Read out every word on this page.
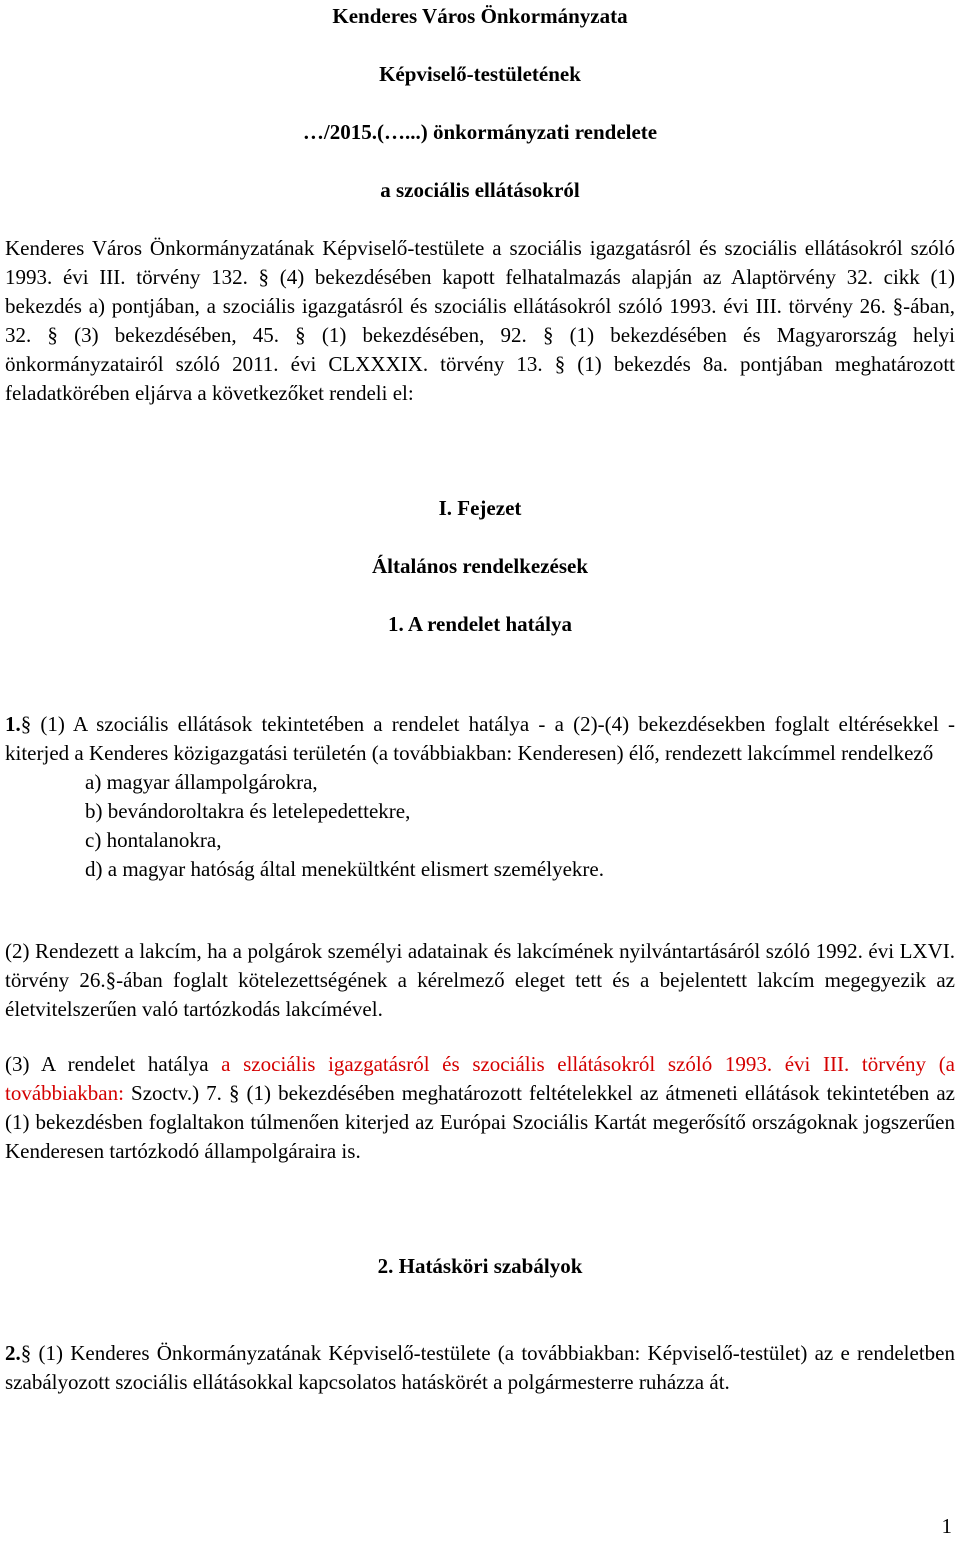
Kenderes Város Önkormányzata
Képviselő-testületének
…/2015.(…...) önkormányzati rendelete
a szociális ellátásokról

Kenderes Város Önkormányzatának Képviselő-testülete a szociális igazgatásról és szociális ellátásokról szóló 1993. évi III. törvény 132. § (4) bekezdésében kapott felhatalmazás alapján az Alaptörvény 32. cikk (1) bekezdés a) pontjában, a szociális igazgatásról és szociális ellátásokról szóló 1993. évi III. törvény 26. §-ában, 32. § (3) bekezdésében, 45. § (1) bekezdésében, 92. § (1) bekezdésében és Magyarország helyi önkormányzatairól szóló 2011. évi CLXXXIX. törvény 13. § (1) bekezdés 8a. pontjában meghatározott feladatkörében eljárva a következőket rendeli el:

I. Fejezet
Általános rendelkezések
1. A rendelet hatálya

1.§ (1) A szociális ellátások tekintetében a rendelet hatálya - a (2)-(4) bekezdésekben foglalt eltérésekkel - kiterjed a Kenderes közigazgatási területén (a továbbiakban: Kenderesen) élő, rendezett lakcímmel rendelkező

a) magyar állampolgárokra,
b) bevándoroltakra és letelepedettekre,
c) hontalanokra,
d) a magyar hatóság által menekültként elismert személyekre.

(2) Rendezett a lakcím, ha a polgárok személyi adatainak és lakcímének nyilvántartásáról szóló 1992. évi LXVI. törvény 26.§-ában foglalt kötelezettségének a kérelmező eleget tett és a bejelentett lakcím megegyezik az életvitelszerűen való tartózkodás lakcímével.

(3) A rendelet hatálya a szociális igazgatásról és szociális ellátásokról szóló 1993. évi III. törvény (a továbbiakban: Szoctv.) 7. § (1) bekezdésében meghatározott feltételekkel az átmeneti ellátások tekintetében az (1) bekezdésben foglaltakon túlmenően kiterjed az Európai Szociális Kartát megerősítő országoknak jogszerűen Kenderesen tartózkodó állampolgáraira is.

2. Hatásköri szabályok

2.§ (1) Kenderes Önkormányzatának Képviselő-testülete (a továbbiakban: Képviselő-testület) az e rendeletben szabályozott szociális ellátásokkal kapcsolatos hatáskörét a polgármesterre ruházza át.

1
